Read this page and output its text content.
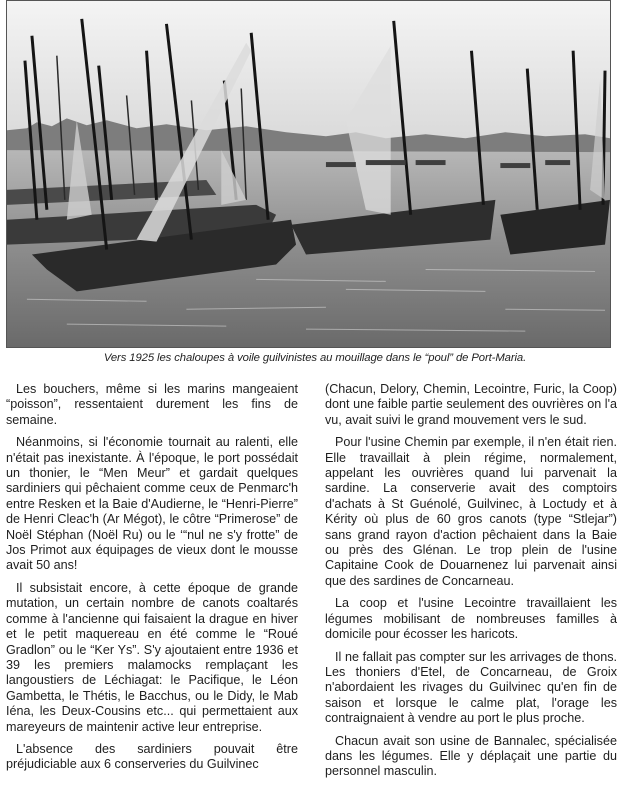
Vers 1925 les chaloupes à voile guilvinistes au mouillage dans le “poul” de Port-Maria.

Les bouchers, même si les marins mangeaient “poisson”, ressentaient durement les fins de semaine.

Néanmoins, si l'économie tournait au ralenti, elle n'était pas inexistante. À l'époque, le port possédait un thonier, le “Men Meur” et gardait quelques sardiniers qui pêchaient comme ceux de Penmarc'h entre Resken et la Baie d'Audierne, le “Henri-Pierre” de Henri Cleac'h (Ar Mégot), le côtre “Primerose” de Noël Stéphan (Noël Ru) ou le ‘“nul ne s'y frotte” de Jos Primot aux équipages de vieux dont le mousse avait 50 ans!

Il subsistait encore, à cette époque de grande mutation, un certain nombre de canots coaltarés comme à l'ancienne qui faisaient la drague en hiver et le petit maquereau en été comme le “Roué Gradlon” ou le “Ker Ys”. S'y ajoutaient entre 1936 et 39 les premiers malamocks remplaçant les langoustiers de Léchiagat: le Pacifique, le Léon Gambetta, le Thétis, le Bacchus, ou le Didy, le Mab Iéna, les Deux-Cousins etc... qui permettaient aux mareyeurs de maintenir active leur entreprise.

L'absence des sardiniers pouvait être préjudiciable aux 6 conserveries du Guilvinec

(Chacun, Delory, Chemin, Lecointre, Furic, la Coop) dont une faible partie seulement des ouvrières on l'a vu, avait suivi le grand mouvement vers le sud.

Pour l'usine Chemin par exemple, il n'en était rien. Elle travaillait à plein régime, normalement, appelant les ouvrières quand lui parvenait la sardine. La conserverie avait des comptoirs d'achats à St Guénolé, Guilvinec, à Loctudy et à Kérity où plus de 60 gros canots (type “Stlejar”) sans grand rayon d'action pêchaient dans la Baie ou près des Glénan. Le trop plein de l'usine Capitaine Cook de Douarnenez lui parvenait ainsi que des sardines de Concarneau.

La coop et l'usine Lecointre travaillaient les légumes mobilisant de nombreuses familles à domicile pour écosser les haricots.

Il ne fallait pas compter sur les arrivages de thons. Les thoniers d'Etel, de Concarneau, de Groix n'abordaient les rivages du Guilvinec qu'en fin de saison et lorsque le calme plat, l'orage les contraignaient à vendre au port le plus proche.

Chacun avait son usine de Bannalec, spécialisée dans les légumes. Elle y déplaçait une partie du personnel masculin.
